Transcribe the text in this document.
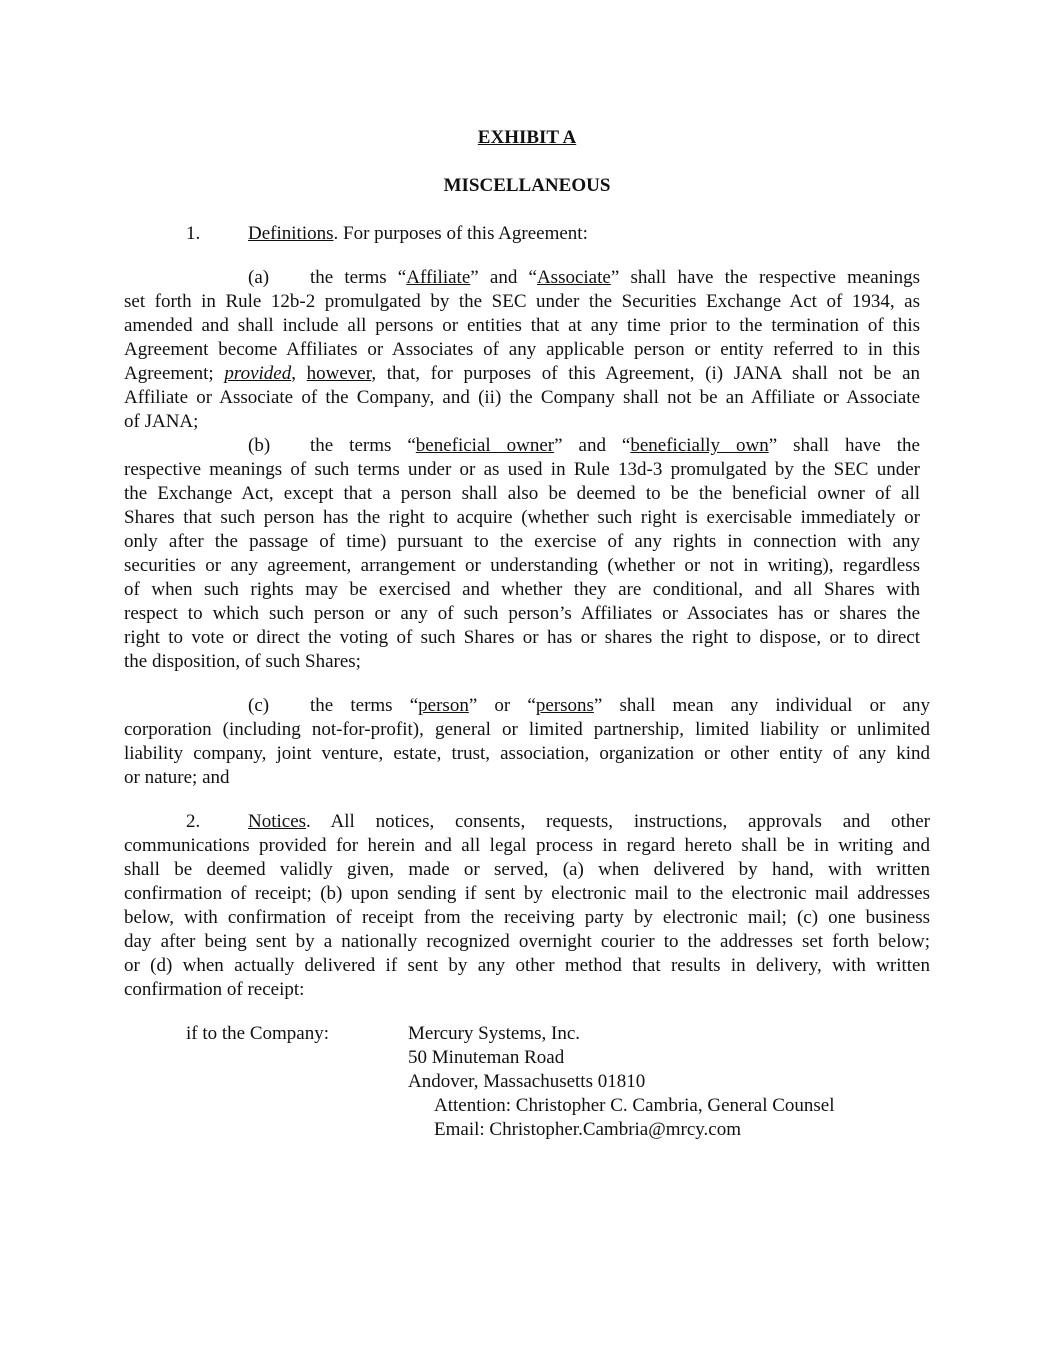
EXHIBIT A
MISCELLANEOUS
1.	Definitions. For purposes of this Agreement:
(a) the terms “Affiliate” and “Associate” shall have the respective meanings
set forth in Rule 12b-2 promulgated by the SEC under the Securities Exchange Act of 1934, as
amended and shall include all persons or entities that at any time prior to the termination of this
Agreement become Affiliates or Associates of any applicable person or entity referred to in this
Agreement; provided, however, that, for purposes of this Agreement, (i) JANA shall not be an
Affiliate or Associate of the Company, and (ii) the Company shall not be an Affiliate or Associate
of JANA;
(b) the terms “beneficial owner” and “beneficially own” shall have the
respective meanings of such terms under or as used in Rule 13d-3 promulgated by the SEC under
the Exchange Act, except that a person shall also be deemed to be the beneficial owner of all
Shares that such person has the right to acquire (whether such right is exercisable immediately or
only after the passage of time) pursuant to the exercise of any rights in connection with any
securities or any agreement, arrangement or understanding (whether or not in writing), regardless
of when such rights may be exercised and whether they are conditional, and all Shares with
respect to which such person or any of such person’s Affiliates or Associates has or shares the
right to vote or direct the voting of such Shares or has or shares the right to dispose, or to direct
the disposition, of such Shares;
(c) the terms “person” or “persons” shall mean any individual or any
corporation (including not-for-profit), general or limited partnership, limited liability or unlimited
liability company, joint venture, estate, trust, association, organization or other entity of any kind
or nature; and
2.	Notices. All notices, consents, requests, instructions, approvals and other
communications provided for herein and all legal process in regard hereto shall be in writing and
shall be deemed validly given, made or served, (a) when delivered by hand, with written
confirmation of receipt; (b) upon sending if sent by electronic mail to the electronic mail addresses
below, with confirmation of receipt from the receiving party by electronic mail; (c) one business
day after being sent by a nationally recognized overnight courier to the addresses set forth below;
or (d) when actually delivered if sent by any other method that results in delivery, with written
confirmation of receipt:
if to the Company:	Mercury Systems, Inc.
50 Minuteman Road
Andover, Massachusetts 01810
Attention: Christopher C. Cambria, General Counsel
Email: Christopher.Cambria@mrcy.com
